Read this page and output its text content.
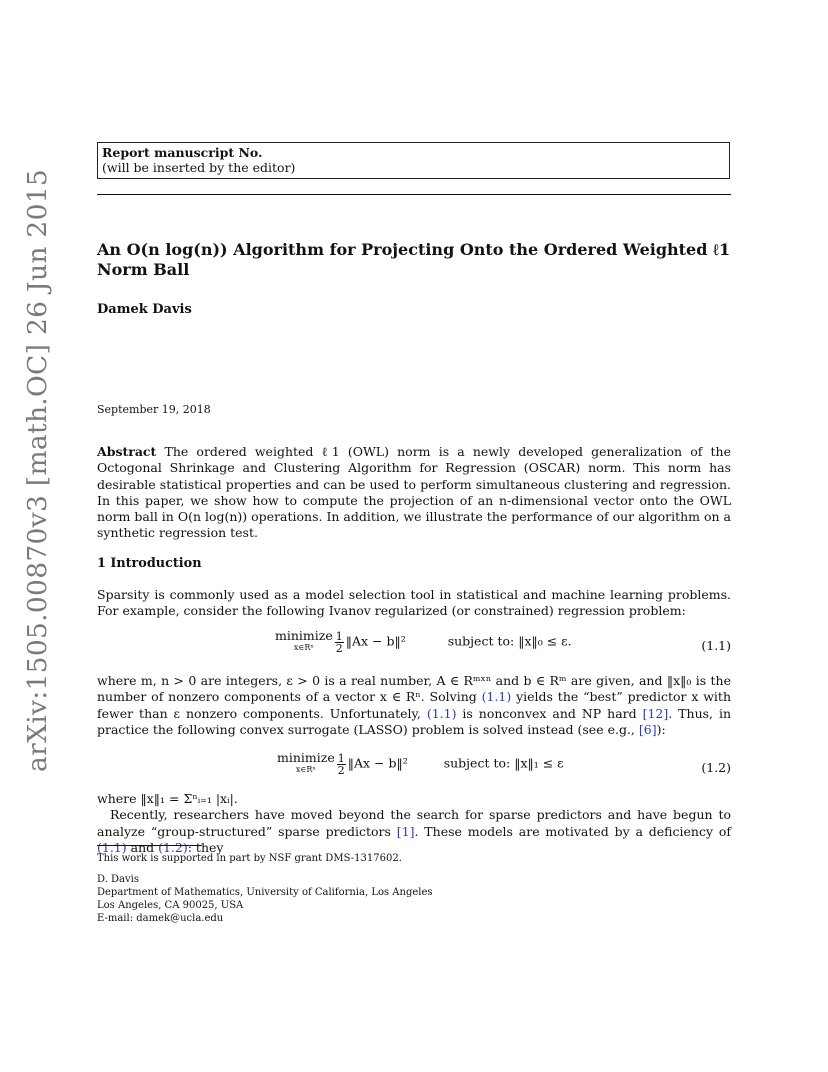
arXiv:1505.00870v3 [math.OC] 26 Jun 2015
Report manuscript No.
(will be inserted by the editor)
An O(n log(n)) Algorithm for Projecting Onto the Ordered Weighted ℓ1 Norm Ball
Damek Davis
September 19, 2018
Abstract The ordered weighted ℓ1 (OWL) norm is a newly developed generalization of the Octogonal Shrinkage and Clustering Algorithm for Regression (OSCAR) norm. This norm has desirable statistical properties and can be used to perform simultaneous clustering and regression. In this paper, we show how to compute the projection of an n-dimensional vector onto the OWL norm ball in O(n log(n)) operations. In addition, we illustrate the performance of our algorithm on a synthetic regression test.
1 Introduction
Sparsity is commonly used as a model selection tool in statistical and machine learning problems. For example, consider the following Ivanov regularized (or constrained) regression problem:
minimize
x∈Rⁿ	$\frac{1}{2}$ ‖Ax − b‖²	subject to: ‖x‖₀ ≤ ε.	(1.1)
where m, n > 0 are integers, ε > 0 is a real number, A ∈ Rᵐˣⁿ and b ∈ Rᵐ are given, and ‖x‖₀ is the number of nonzero components of a vector x ∈ Rⁿ. Solving (1.1) yields the “best” predictor x with fewer than ε nonzero components. Unfortunately, (1.1) is nonconvex and NP hard [12]. Thus, in practice the following convex surrogate (LASSO) problem is solved instead (see e.g., [6]):
minimize
x∈Rⁿ	$\frac{1}{2}$ ‖Ax − b‖²	subject to: ‖x‖₁ ≤ ε	(1.2)
where ‖x‖₁ = Σⁿᵢ₌₁ |xᵢ|.
Recently, researchers have moved beyond the search for sparse predictors and have begun to analyze “group-structured” sparse predictors [1]. These models are motivated by a deficiency of (1.1) and (1.2): they
This work is supported in part by NSF grant DMS-1317602.
D. Davis
Department of Mathematics, University of California, Los Angeles
Los Angeles, CA 90025, USA
E-mail: damek@ucla.edu
